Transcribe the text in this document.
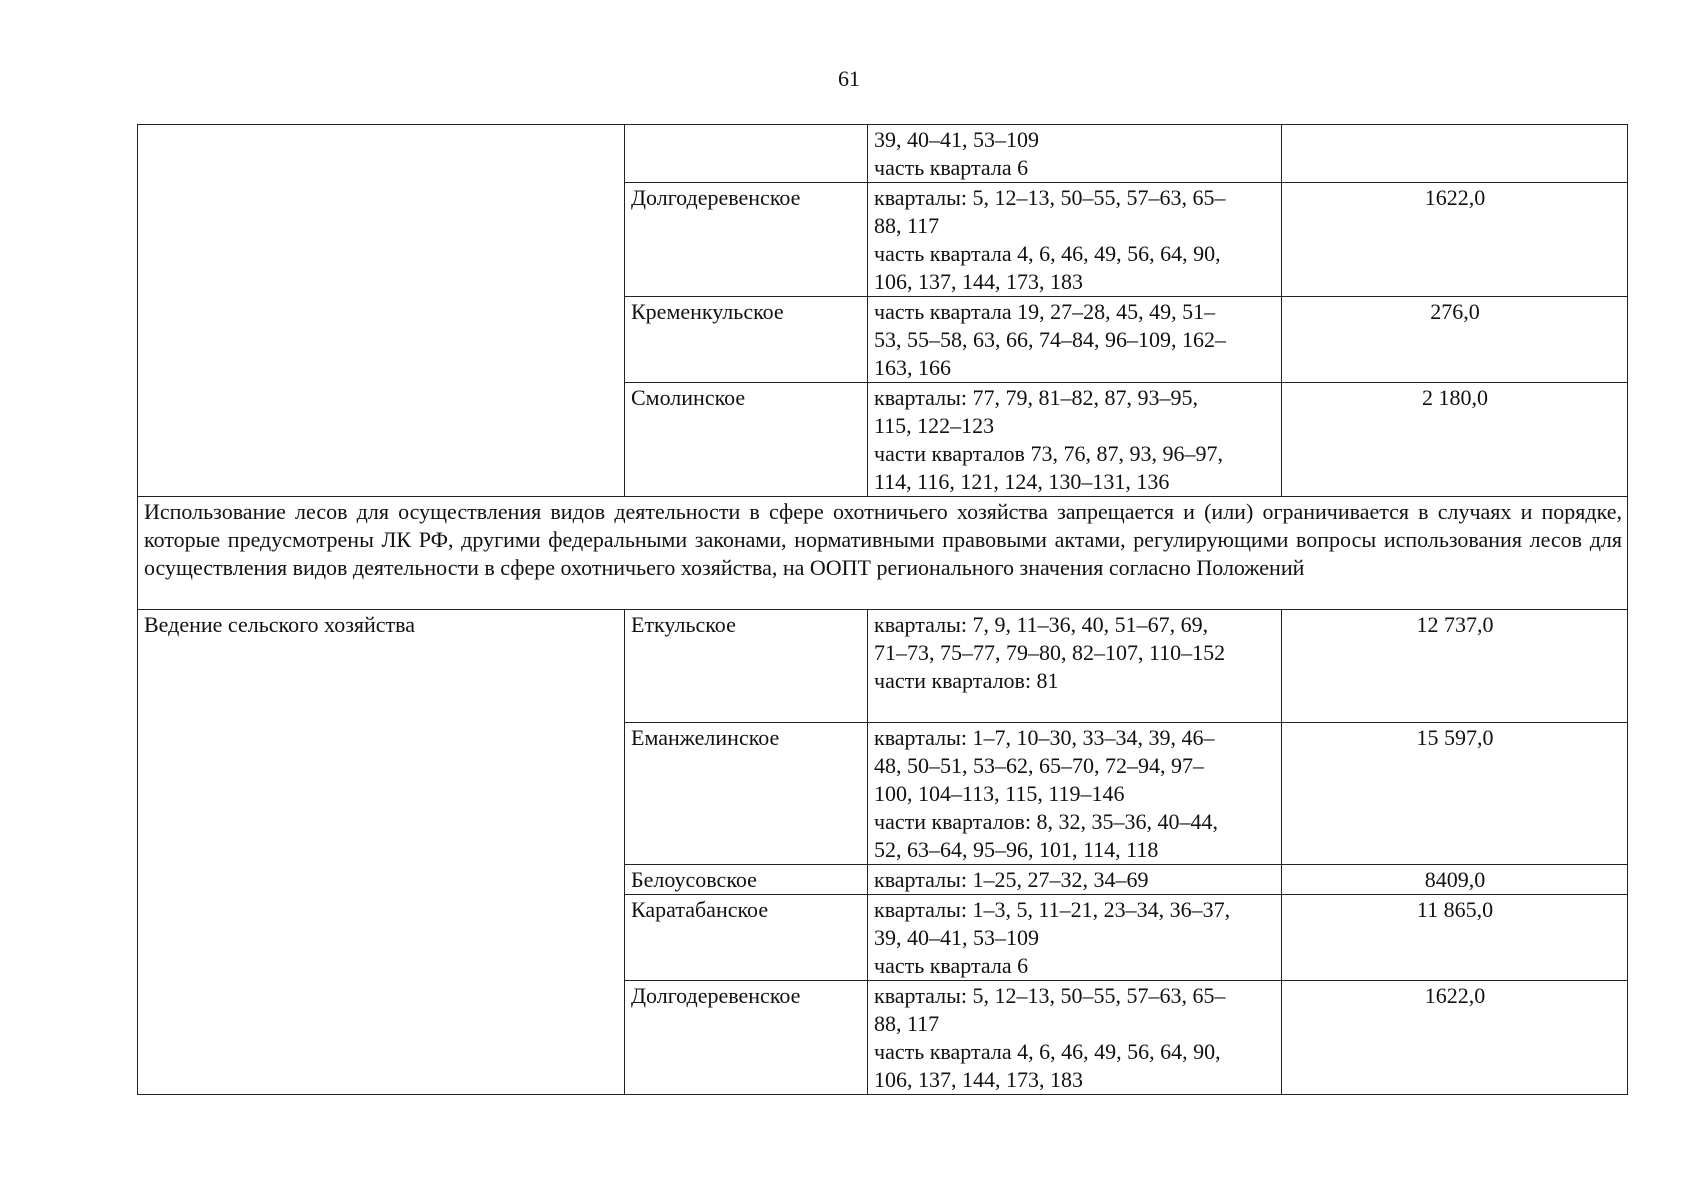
61

		39, 40–41, 53–109
часть квартала 6	

	Долгодеревенское	кварталы: 5, 12–13, 50–55, 57–63, 65–
88, 117
часть квартала 4, 6, 46, 49, 56, 64, 90,
106, 137, 144, 173, 183	1622,0
	Кременкульское	часть квартала 19, 27–28, 45, 49, 51–
53, 55–58, 63, 66, 74–84, 96–109, 162–
163, 166	276,0
	Смолинское	кварталы: 77, 79, 81–82, 87, 93–95,
115, 122–123
части кварталов 73, 76, 87, 93, 96–97,
114, 116, 121, 124, 130–131, 136	2 180,0
Использование лесов для осуществления видов деятельности в сфере охотничьего хозяйства запрещается и (или) ограничивается в случаях и порядке, которые предусмотрены ЛК РФ, другими федеральными законами, нормативными правовыми актами, регулирующими вопросы использования лесов для осуществления видов деятельности в сфере охотничьего хозяйства, на ООПТ регионального значения согласно Положений			
Ведение сельского хозяйства	Еткульское	кварталы: 7, 9, 11–36, 40, 51–67, 69,
71–73, 75–77, 79–80, 82–107, 110–152
части кварталов: 81	12 737,0
	Еманжелинское	кварталы: 1–7, 10–30, 33–34, 39, 46–
48, 50–51, 53–62, 65–70, 72–94, 97–
100, 104–113, 115, 119–146
части кварталов: 8, 32, 35–36, 40–44,
52, 63–64, 95–96, 101, 114, 118	15 597,0
	Белоусовское	кварталы: 1–25, 27–32, 34–69	8409,0
	Каратабанское	кварталы: 1–3, 5, 11–21, 23–34, 36–37,
39, 40–41, 53–109
часть квартала 6	11 865,0
	Долгодеревенское	кварталы: 5, 12–13, 50–55, 57–63, 65–
88, 117
часть квартала 4, 6, 46, 49, 56, 64, 90,
106, 137, 144, 173, 183	1622,0
